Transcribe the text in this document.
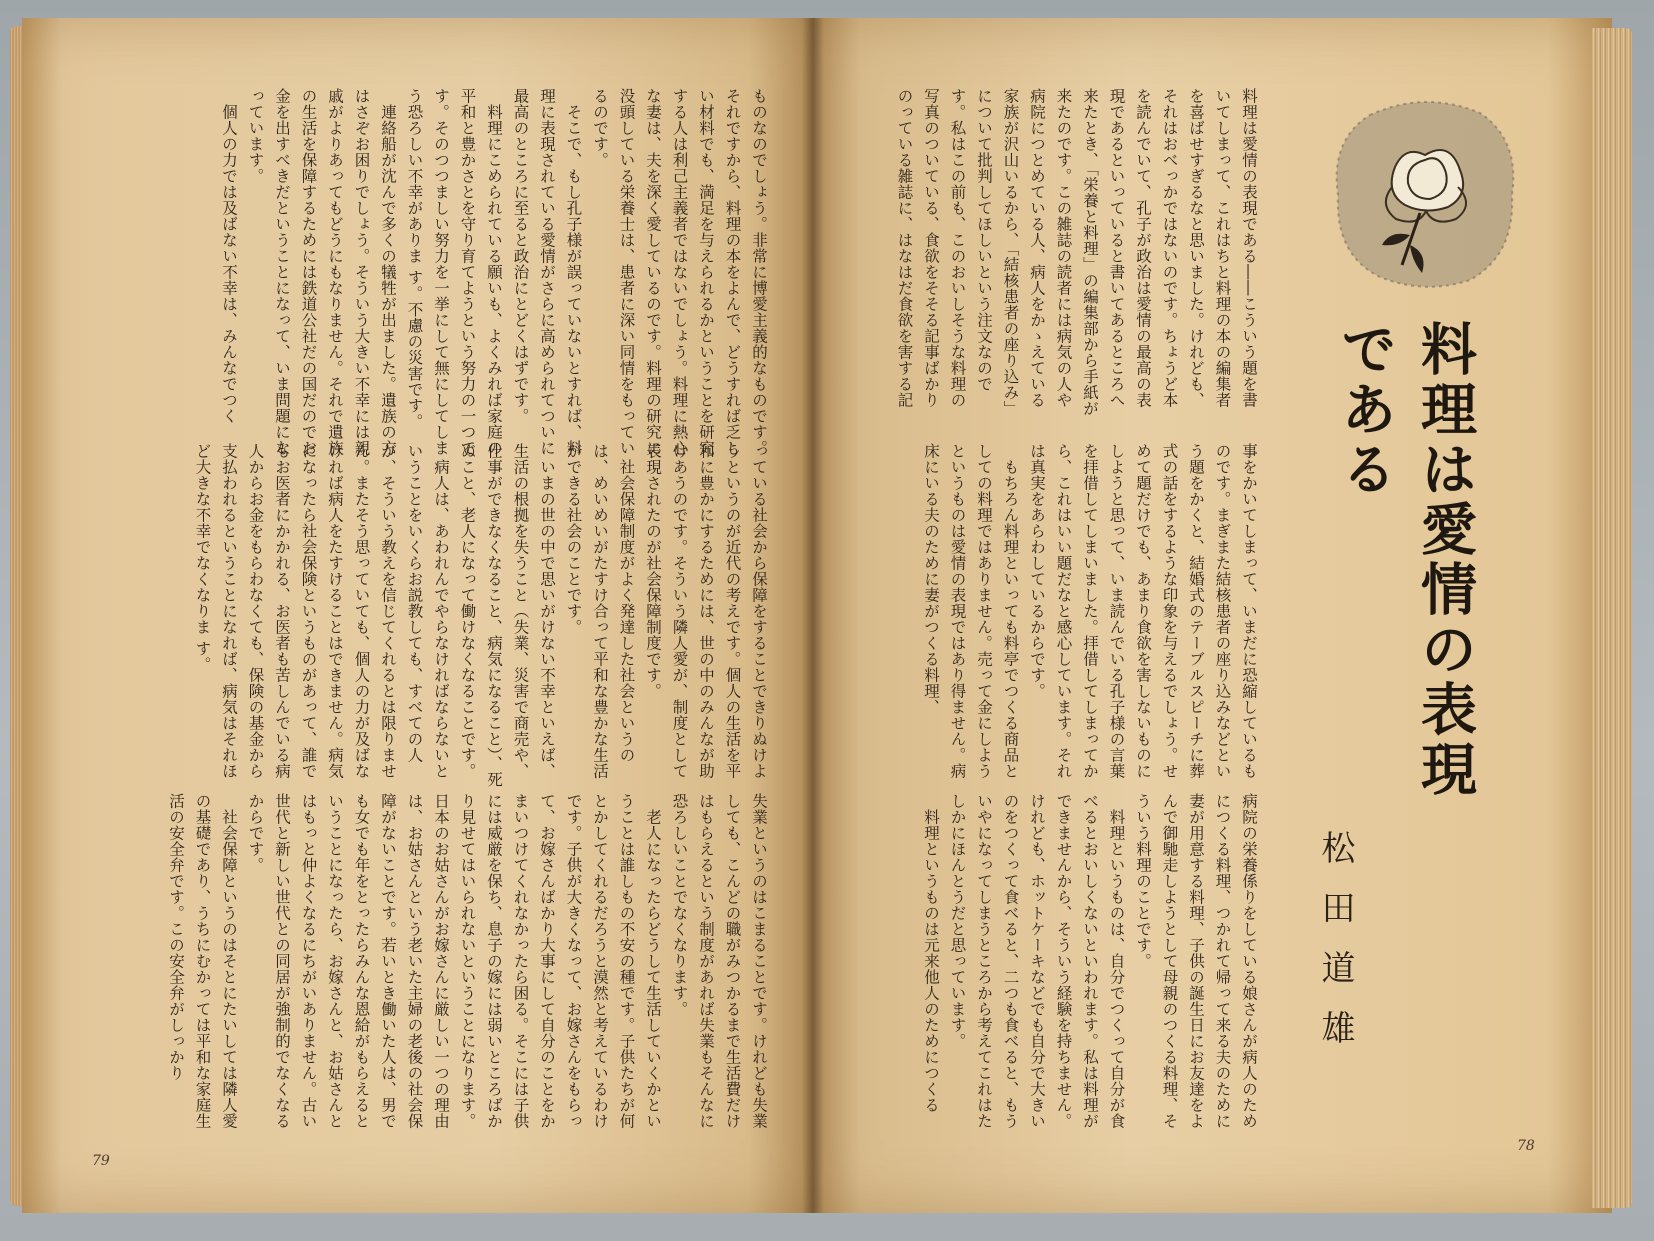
ものなのでしょう。非常に博愛主義的なものです。それですから、料理の本をよんで、どうすれば乏しい材料でも、満足を与えられるかということを研究する人は利己主義者ではないでしょう。料理に熱心な妻は、夫を深く愛しているのです。料理の研究に没頭している栄養士は、患者に深い同情をもっているのです。
　そこで、もし孔子様が誤っていないとすれば、料理に表現されている愛情がさらに高められてついに最高のところに至ると政治にとどくはずです。
　料理にこめられている願いも、よくみれば家庭の平和と豊かさとを守り育てようという努力の一つです。そのつつましい努力を一挙にして無にしてしまう恐ろしい不幸がありま す。不慮の災害です。
　連絡船が沈んで多くの犠牲が出ました。遺族の方はさぞお困りでしょう。そういう大きい不幸には親戚がよりあってもどうにもなりません。それで遺族の生活を保障するためには鉄道公社だの国だのでお金を出すべきだということになって、いま問題になっています。
　個人の力では及ばない不幸は、みんなでつく
っている社会から保障をすることできりぬけようというのが近代の考えです。個人の生活を平和に豊かにするためには、世の中のみんなが助けあうのです。そういう隣人愛が、制度として表現されたのが社会保障制度です。
　社会保障制度がよく発達した社会というのは、めいめいがたすけ合って平和な豊かな生活ができる社会のことです。
　いまの世の中で思いがけない不幸といえば、生活の根拠を失うこと（失業、災害で商売や、仕事ができなくなること、病気になること）、死ぬこと、老人になって働けなくなることです。
　病人は、あわれんでやらなければならないということをいくらお説教しても、すべての人が、そういう教えを信じてくれるとは限りません。またそう思っていても、個人の力が及ばなければ病人をたすけることはできません。病気になったら社会保険というものがあって、誰でもお医者にかかれる、お医者も苦しんでいる病人からお金をもらわなくても、保険の基金から支払われるということになれば、病気はそれほど大きな不幸でなくなりま す。
失業というのはこまることです。けれども失業しても、こんどの職がみつかるまで生活費だけはもらえるという制度があれば失業もそんなに恐ろしいことでなくなります。
　老人になったらどうして生活していくかということは誰しもの不安の種です。子供たちが何とかしてくれるだろうと漠然と考えているわけです。子供が大きくなって、お嫁さんをもらって、お嫁さんばかり大事にして自分のことをかまいつけてくれなかったら困る。そこには子供には威厳を保ち、息子の嫁には弱いところばかり見せてはいられないということになります。日本のお姑さんがお嫁さんに厳しい一つの理由は、お姑さんという老いた主婦の老後の社会保障がないことです。若いとき働いた人は、男でも女でも年をとったらみんな恩給がもらえるということになったら、お嫁さんと、お姑さんとはもっと仲よくなるにちがいありません。古い世代と新しい世代との同居が強制的でなくなるからです。
　社会保障というのはそとにたいしては隣人愛の基礎であり、うちにむかっては平和な家庭生活の安全弁です。この安全弁がしっかり
79
料理は愛情の表現である――こういう題を書いてしまって、これはちと料理の本の編集者を喜ばせすぎるなと思いました。けれども、それはおべっかではないのです。ちょうど本を読んでいて、孔子が政治は愛情の最高の表現であるといっていると書いてあるところへ来たとき、「栄養と料理」の編集部から手紙が来たのです。この雑誌の読者には病気の人や病院につとめている人、病人をかゝえている家族が沢山いるから、「結核患者の座り込み」について批判してほしいという注文なのです。私はこの前も、このおいしそうな料理の写真のついている、食欲をそそる記事ばかりのっている雑誌に、はなはだ食欲を害する記
事をかいてしまって、いまだに恐縮しているものです。まぎまた結核患者の座り込みなどという題をかくと、結婚式のテーブルスピーチに葬式の話をするような印象を与えるでしょう。せめて題だけでも、あまり食欲を害しないものにしようと思って、いま読んでいる孔子様の言葉を拝借してしまいました。拝借してしまってから、これはいい題だなと感心しています。それは真実をあらわしているからです。
　もちろん料理といっても料亭でつくる商品としての料理ではありません。売って金にしようというものは愛情の表現ではあり得ません。病床にいる夫のために妻がつくる料理、
病院の栄養係りをしている娘さんが病人のためにつくる料理、つかれて帰って来る夫のために妻が用意する料理、子供の誕生日にお友達をよんで御馳走しようとして母親のつくる料理、そういう料理のことです。
　料理というものは、自分でつくって自分が食べるとおいしくないといわれます。私は料理ができませんから、そういう経験を持ちません。けれども、ホットケーキなどでも自分で大きいのをつくって食べると、二つも食べると、もういやになってしまうところから考えてこれはたしかにほんとうだと思っています。
　料理というものは元来他人のためにつくる
78
料理は愛情の表現である
松田道雄
